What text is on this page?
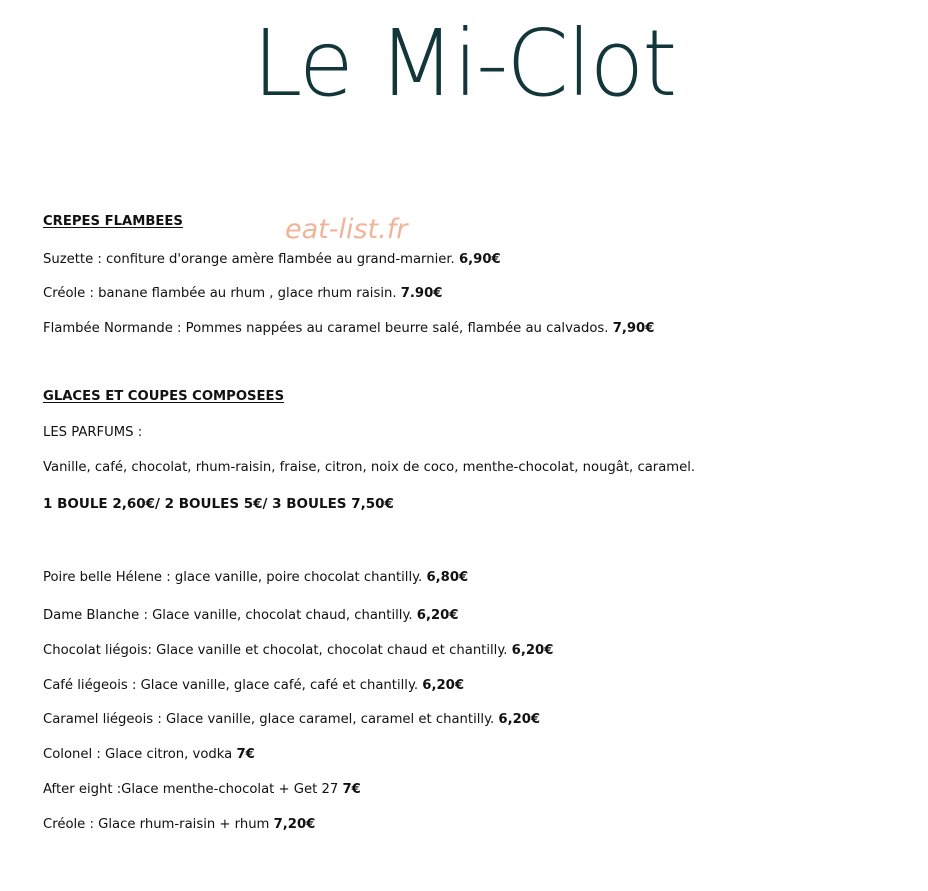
Le Mi-Clot
eat-list.fr
CREPES FLAMBEES
Suzette : confiture d'orange amère flambée au grand-marnier. 6,90€
Créole : banane flambée au rhum , glace rhum raisin. 7.90€
Flambée Normande : Pommes nappées au caramel beurre salé, flambée au calvados. 7,90€
GLACES ET COUPES COMPOSEES
LES PARFUMS :
Vanille, café, chocolat, rhum-raisin, fraise, citron, noix de coco, menthe-chocolat, nougât, caramel.
1 BOULE 2,60€/ 2 BOULES 5€/ 3 BOULES 7,50€
Poire belle Hélene : glace vanille, poire chocolat chantilly. 6,80€
Dame Blanche : Glace vanille, chocolat chaud, chantilly. 6,20€
Chocolat liégois: Glace vanille et chocolat, chocolat chaud et chantilly. 6,20€
Café liégeois : Glace vanille, glace café, café et chantilly. 6,20€
Caramel liégeois : Glace vanille, glace caramel, caramel et chantilly. 6,20€
Colonel : Glace citron, vodka 7€
After eight :Glace menthe-chocolat + Get 27 7€
Créole : Glace rhum-raisin + rhum 7,20€
